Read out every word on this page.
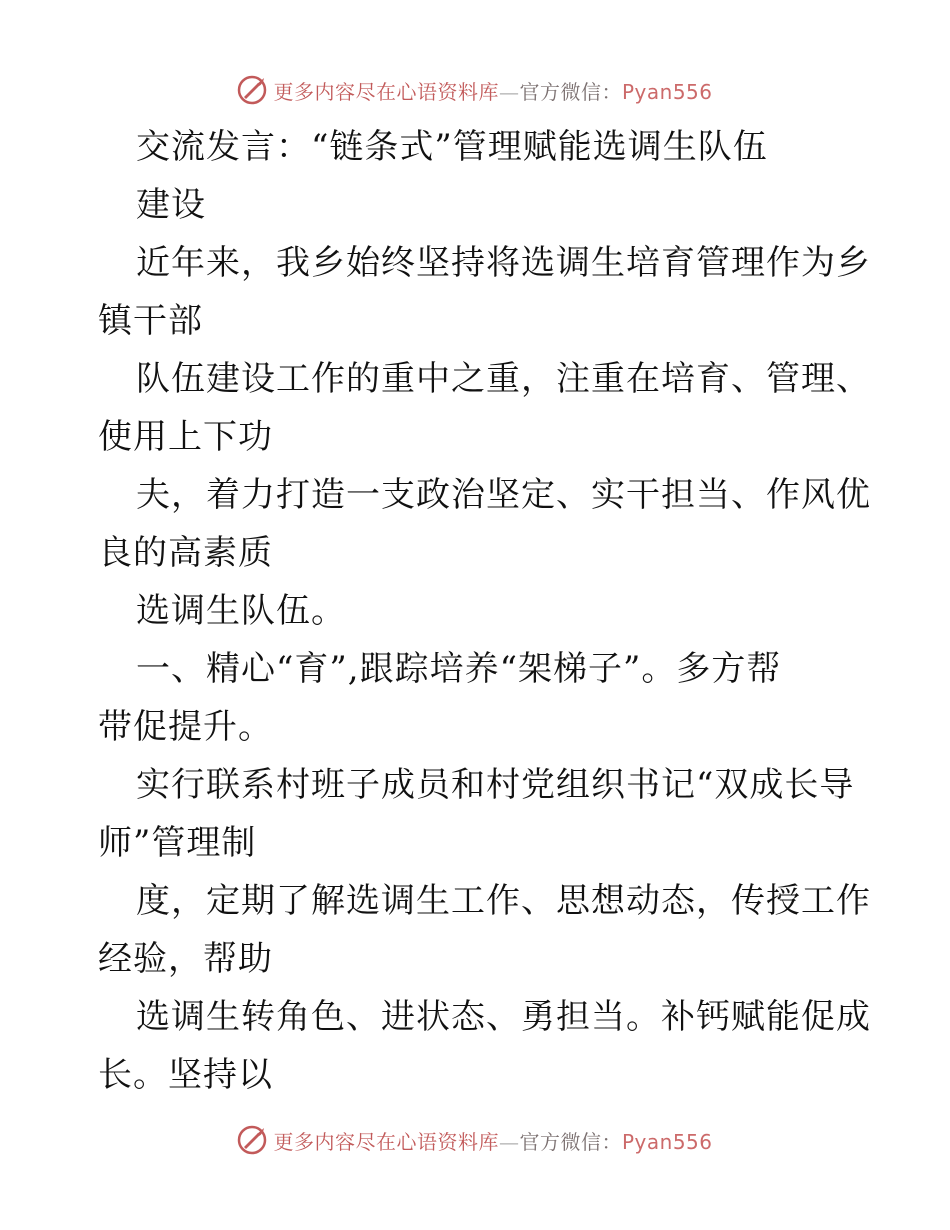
更多内容尽在心语资料库—官方微信：Pyan556
交流发言：“链条式”管理赋能选调生队伍
建设
近年来，我乡始终坚持将选调生培育管理作为乡
镇干部
队伍建设工作的重中之重，注重在培育、管理、
使用上下功
夫，着力打造一支政治坚定、实干担当、作风优
良的高素质
选调生队伍。
一、精心“育”,跟踪培养“架梯子”。多方帮
带促提升。
实行联系村班子成员和村党组织书记“双成长导
师”管理制
度，定期了解选调生工作、思想动态，传授工作
经验，帮助
选调生转角色、进状态、勇担当。补钙赋能促成
长。坚持以
更多内容尽在心语资料库—官方微信：Pyan556
